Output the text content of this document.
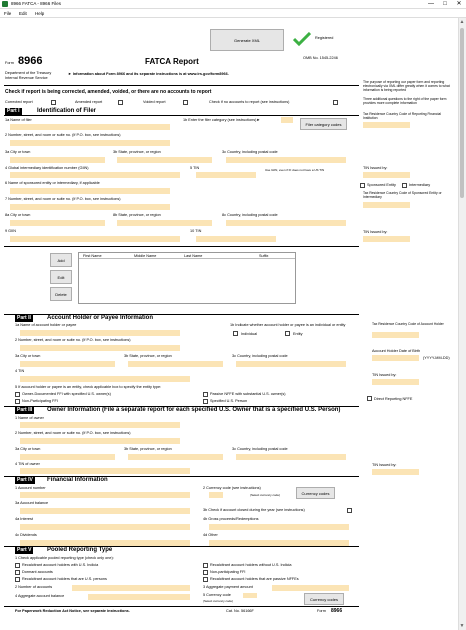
8966 FATCA - 8966 Files	—	□	✕
File Edit Help
▲
▼
Generate XML	Registered
Form 8966	FATCA Report	OMB No. 1545-2246
Department of the Treasury
Internal Revenue Service
► Information about Form 8966 and its separate instructions is at www.irs.gov/form8966.
The purpose of reporting our paper form and reporting electronically via XML differ greatly when it comes to what information is being reported
Three additional questions to the right of the paper form provides more complete information
Check if report is being corrected, amended, voided, or there are no accounts to report
Corrected report	Amended report	Voided report	Check if no accounts to report (see instructions)
Part I	Identification of Filer
1a Name of filer	1b Enter the filer category (see instructions)►
Filer category codes
2 Number, street, and room or suite no. (If P.O. box, see instructions)
3a City or town	3b State, province, or region	3c Country, including postal code
4 Global intermediary identification number (GIIN)	5 TIN	Use GIIN, even if FI does not have a US TIN
6 Name of sponsored entity or intermediary, if applicable
7 Number, street, and room or suite no. (If P.O. box, see instructions)
8a City or town	8b State, province, or region	8c Country, including postal code
9 GIIN	10 TIN
Tax Residence Country Code of Reporting Financial Institution
TIN Issued by:
Sponsored Entity	Intermediary
Tax Residence Country Code of Sponsored Entity or Intermediary
TIN Issued by:
Add
Edit
Delete
First Name	Middle Name	Last Name	Suffix
Part II	Account Holder or Payee Information
1a Name of account holder or payee	1b Indicate whether account holder or payee is an individual or entity
Individual	Entity
2 Number, street, and room or suite no. (If P.O. box, see instructions)
3a City or town	3b State, province, or region	3c Country, including postal code
4 TIN
5 If account holder or payee is an entity, check applicable box to specify the entity type:
Owner-Documented FFI with specified U.S. owner(s)	Passive NFFE with substantial U.S. owner(s)
Non-Participating FFI	Specified U.S. Person
Tax Residence Country Code of Account Holder
Account Holder Date of Birth
(YYYY-MM-DD)
TIN Issued by:
Direct Reporting NFFE
Part III	Owner Information (File a separate report for each specified U.S. Owner that is a specified U.S. Person)
1 Name of owner
2 Number, street, and room or suite no. (If P.O. box, see instructions)
3a City or town	3b State, province, or region	3c Country, including postal code
4 TIN of owner	TIN Issued by:
Part IV	Financial Information
1 Account number	2 Currency code (see instructions)
(Select currency code)	Currency codes
3a Account balance
3b Check if account closed during the year (see instructions)
4a Interest	4b Gross proceeds/Redemptions
4c Dividends	4d Other
Part V	Pooled Reporting Type
1 Check applicable pooled reporting type (check only one):
Recalcitrant account holders with U.S. Indicia	Recalcitrant account holders without U.S. Indicia
Dormant accounts	Non-participating FFI
Recalcitrant account holders that are U.S. persons	Recalcitrant account holders that are passive NFFEs
2 Number of accounts	3 Aggregate payment amount
4 Aggregate account balance	5 Currency code
(Select currency code)	Currency codes
For Paperwork Reduction Act Notice, see separate instructions.	Cat. No. 56166F	Form 8966
